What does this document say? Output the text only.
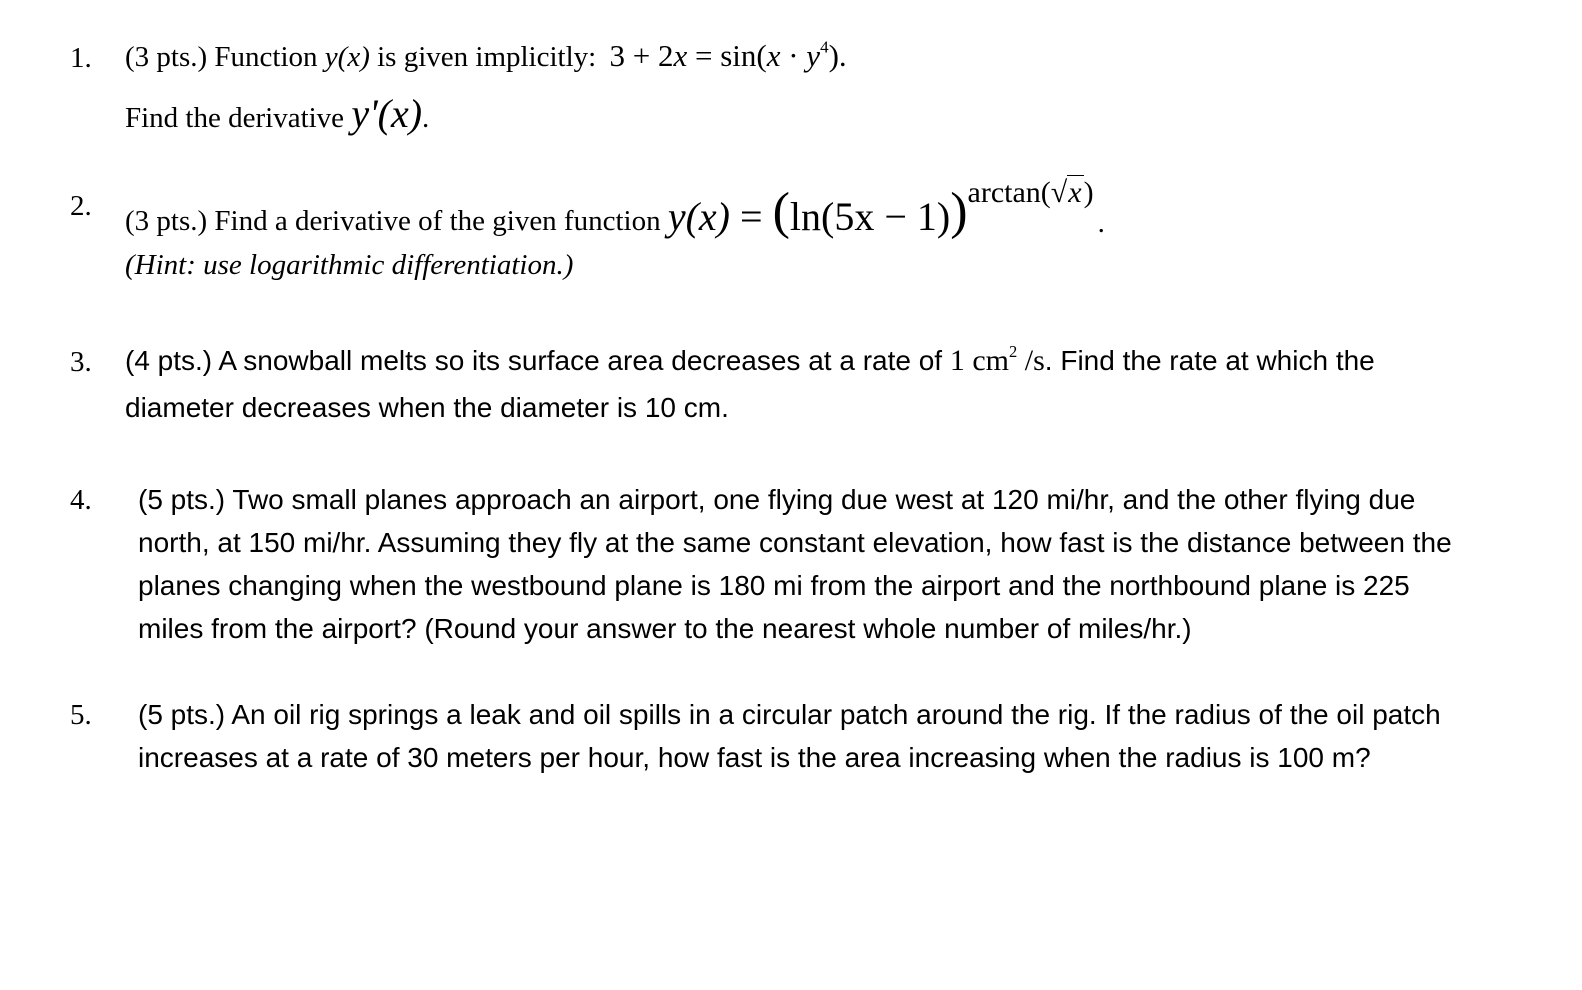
1. (3 pts.) Function y(x) is given implicitly: $3 + 2x = \sin(x \cdot y^4)$.
Find the derivative y'(x).
2. (3 pts.) Find a derivative of the given function y(x) = (ln(5x − 1))arctan(√x).
(Hint: use logarithmic differentiation.)
3. (4 pts.) A snowball melts so its surface area decreases at a rate of 1 $cm^2$ /s. Find the rate at which the
diameter decreases when the diameter is 10 cm.
4. (5 pts.) Two small planes approach an airport, one flying due west at 120 mi/hr, and the other flying due
north, at 150 mi/hr. Assuming they fly at the same constant elevation, how fast is the distance between the
planes changing when the westbound plane is 180 mi from the airport and the northbound plane is 225
miles from the airport? (Round your answer to the nearest whole number of miles/hr.)
5. (5 pts.) An oil rig springs a leak and oil spills in a circular patch around the rig. If the radius of the oil patch
increases at a rate of 30 meters per hour, how fast is the area increasing when the radius is 100 m?
